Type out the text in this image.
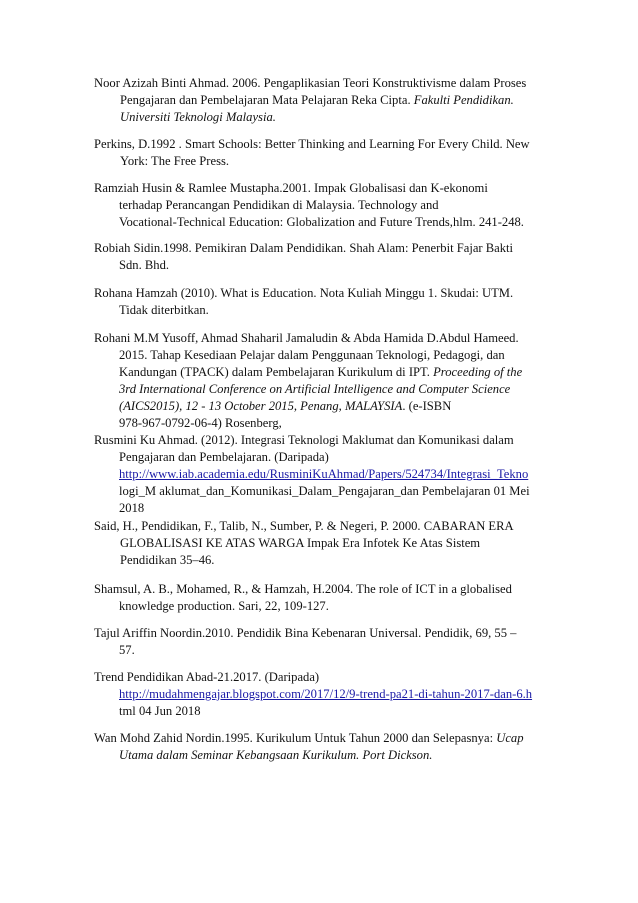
Noor Azizah Binti Ahmad. 2006. Pengaplikasian Teori Konstruktivisme dalam Proses
Pengajaran dan Pembelajaran Mata Pelajaran Reka Cipta. Fakulti Pendidikan.
Universiti Teknologi Malaysia.
Perkins, D.1992 . Smart Schools: Better Thinking and Learning For Every Child. New
York: The Free Press.
Ramziah Husin & Ramlee Mustapha.2001. Impak Globalisasi dan K-ekonomi
terhadap Perancangan Pendidikan di Malaysia. Technology and
Vocational-Technical Education: Globalization and Future Trends,hlm. 241-248.
Robiah Sidin.1998. Pemikiran Dalam Pendidikan. Shah Alam: Penerbit Fajar Bakti
Sdn. Bhd.
Rohana Hamzah (2010). What is Education. Nota Kuliah Minggu 1. Skudai: UTM.
Tidak diterbitkan.
Rohani M.M Yusoff, Ahmad Shaharil Jamaludin & Abda Hamida D.Abdul Hameed.
2015. Tahap Kesediaan Pelajar dalam Penggunaan Teknologi, Pedagogi, dan
Kandungan (TPACK) dalam Pembelajaran Kurikulum di IPT. Proceeding of the
3rd International Conference on Artificial Intelligence and Computer Science
(AICS2015), 12 - 13 October 2015, Penang, MALAYSIA. (e-ISBN
978-967-0792-06-4) Rosenberg,
Rusmini Ku Ahmad. (2012). Integrasi Teknologi Maklumat dan Komunikasi dalam
Pengajaran dan Pembelajaran. (Daripada)
http://www.iab.academia.edu/RusminiKuAhmad/Papers/524734/Integrasi_Tekno
logi_M aklumat_dan_Komunikasi_Dalam_Pengajaran_dan Pembelajaran 01 Mei
2018
Said, H., Pendidikan, F., Talib, N., Sumber, P. & Negeri, P. 2000. CABARAN ERA
GLOBALISASI KE ATAS WARGA Impak Era Infotek Ke Atas Sistem
Pendidikan 35–46.
Shamsul, A. B., Mohamed, R., & Hamzah, H.2004. The role of ICT in a globalised
knowledge production. Sari, 22, 109-127.
Tajul Ariffin Noordin.2010. Pendidik Bina Kebenaran Universal. Pendidik, 69, 55 –
57.
Trend Pendidikan Abad-21.2017. (Daripada)
http://mudahmengajar.blogspot.com/2017/12/9-trend-pa21-di-tahun-2017-dan-6.h
tml 04 Jun 2018
Wan Mohd Zahid Nordin.1995. Kurikulum Untuk Tahun 2000 dan Selepasnya: Ucap
Utama dalam Seminar Kebangsaan Kurikulum. Port Dickson.
